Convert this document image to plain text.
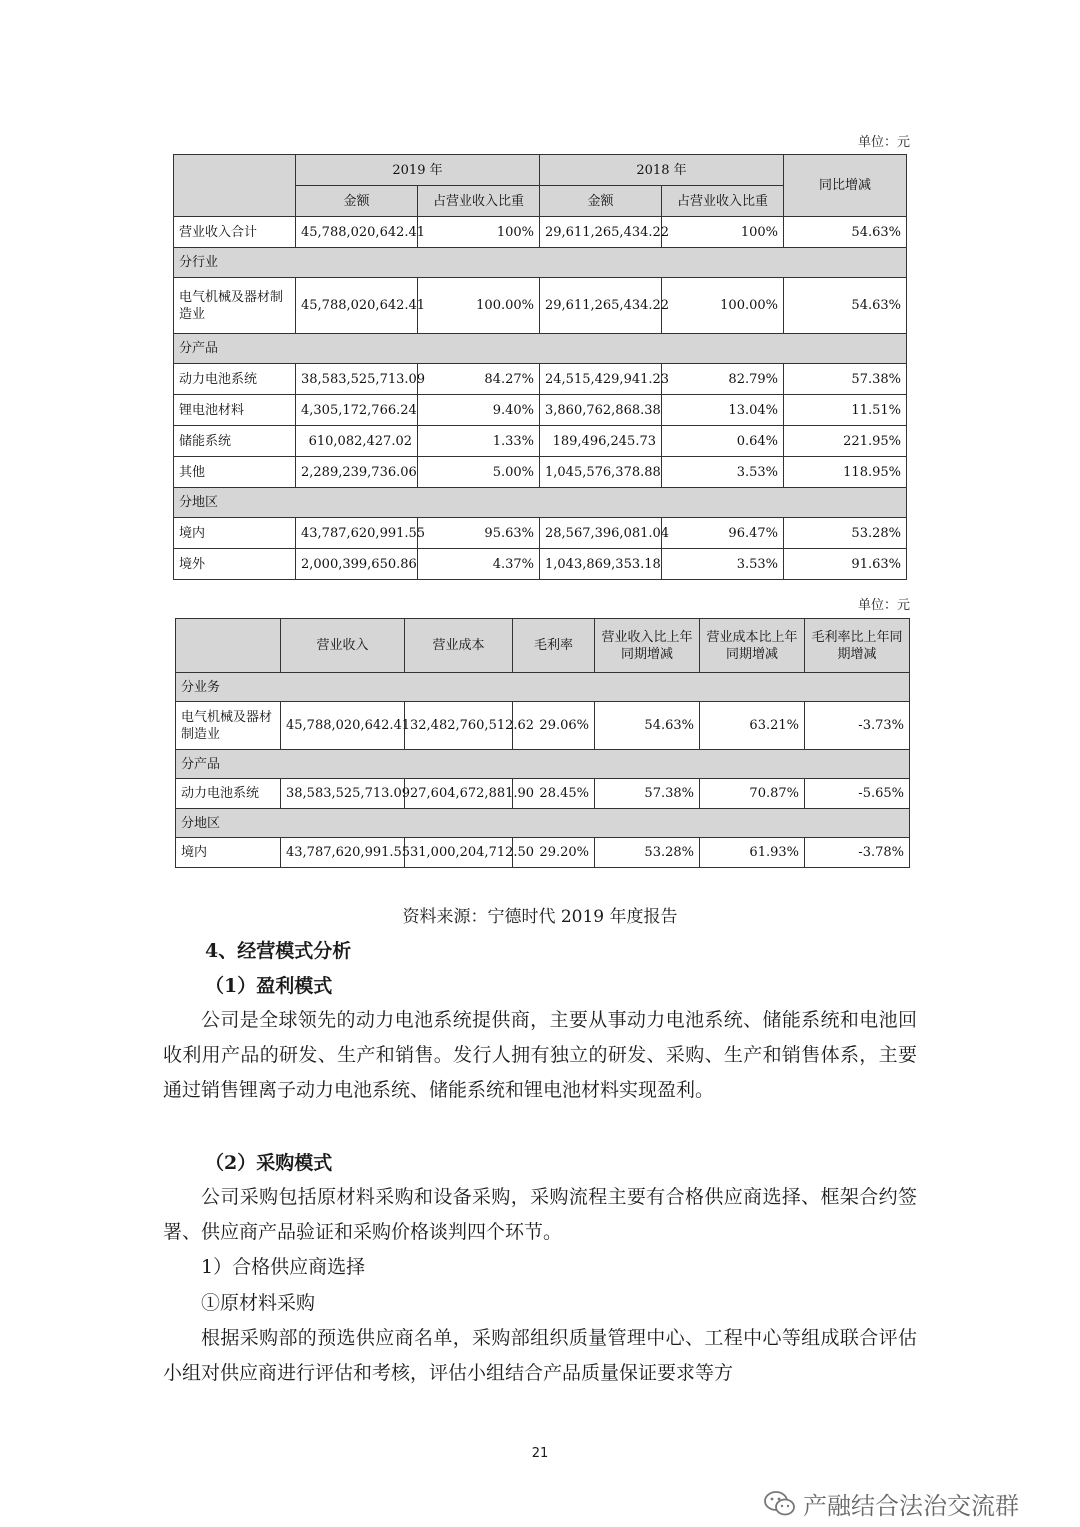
单位：元
	2019 年		2018 年		同比增减
	金额	占营业收入比重	金额	占营业收入比重	
营业收入合计	45,788,020,642.41	100%	29,611,265,434.22	100%	54.63%
分行业					
电气机械及器材制造业	45,788,020,642.41	100.00%	29,611,265,434.22	100.00%	54.63%
分产品					
动力电池系统	38,583,525,713.09	84.27%	24,515,429,941.23	82.79%	57.38%
锂电池材料	4,305,172,766.24	9.40%	3,860,762,868.38	13.04%	11.51%
储能系统	610,082,427.02	1.33%	189,496,245.73	0.64%	221.95%
其他	2,289,239,736.06	5.00%	1,045,576,378.88	3.53%	118.95%
分地区					
境内	43,787,620,991.55	95.63%	28,567,396,081.04	96.47%	53.28%
境外	2,000,399,650.86	4.37%	1,043,869,353.18	3.53%	91.63%
单位：元
	营业收入	营业成本	毛利率	营业收入比上年同期增减	营业成本比上年同期增减	毛利率比上年同期增减
分业务						
电气机械及器材制造业	45,788,020,642.41	32,482,760,512.62	29.06%	54.63%	63.21%	-3.73%
分产品						
动力电池系统	38,583,525,713.09	27,604,672,881.90	28.45%	57.38%	70.87%	-5.65%
分地区						
境内	43,787,620,991.55	31,000,204,712.50	29.20%	53.28%	61.93%	-3.78%
资料来源：宁德时代 2019 年度报告
4、经营模式分析
（1）盈利模式
公司是全球领先的动力电池系统提供商，主要从事动力电池系统、储能系统和电池回收利用产品的研发、生产和销售。发行人拥有独立的研发、采购、生产和销售体系，主要通过销售锂离子动力电池系统、储能系统和锂电池材料实现盈利。
（2）采购模式
公司采购包括原材料采购和设备采购，采购流程主要有合格供应商选择、框架合约签署、供应商产品验证和采购价格谈判四个环节。
1）合格供应商选择
①原材料采购
根据采购部的预选供应商名单，采购部组织质量管理中心、工程中心等组成联合评估小组对供应商进行评估和考核，评估小组结合产品质量保证要求等方
21
产融结合法治交流群
